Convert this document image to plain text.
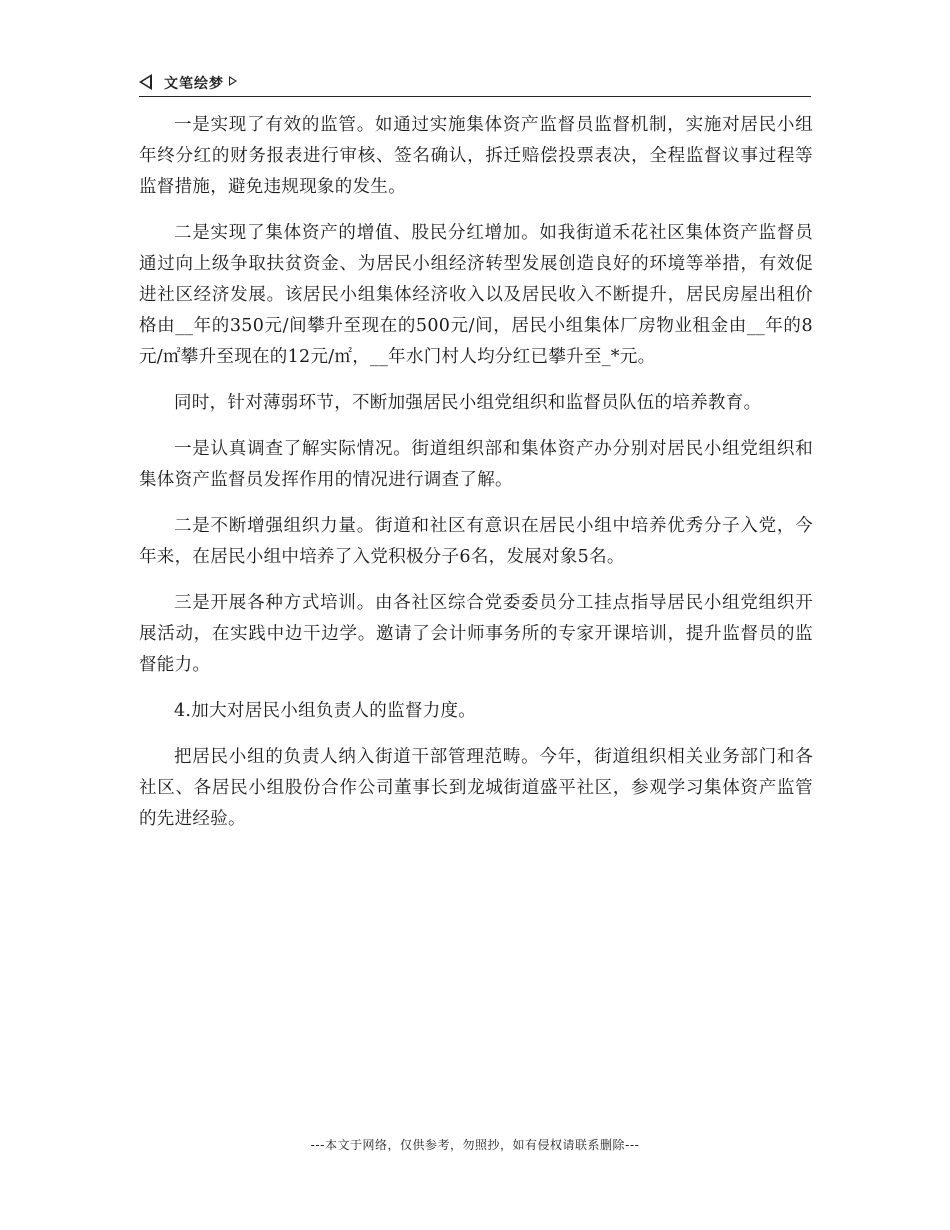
文笔绘梦

一是实现了有效的监管。如通过实施集体资产监督员监督机制，实施对居民小组年终分红的财务报表进行审核、签名确认，拆迁赔偿投票表决，全程监督议事过程等监督措施，避免违规现象的发生。

二是实现了集体资产的增值、股民分红增加。如我街道禾花社区集体资产监督员通过向上级争取扶贫资金、为居民小组经济转型发展创造良好的环境等举措，有效促进社区经济发展。该居民小组集体经济收入以及居民收入不断提升，居民房屋出租价格由__年的350元/间攀升至现在的500元/间，居民小组集体厂房物业租金由__年的8元/㎡攀升至现在的12元/㎡，__年水门村人均分红已攀升至_*元。

同时，针对薄弱环节，不断加强居民小组党组织和监督员队伍的培养教育。

一是认真调查了解实际情况。街道组织部和集体资产办分别对居民小组党组织和集体资产监督员发挥作用的情况进行调查了解。

二是不断增强组织力量。街道和社区有意识在居民小组中培养优秀分子入党，今年来，在居民小组中培养了入党积极分子6名，发展对象5名。

三是开展各种方式培训。由各社区综合党委委员分工挂点指导居民小组党组织开展活动，在实践中边干边学。邀请了会计师事务所的专家开课培训，提升监督员的监督能力。

4.加大对居民小组负责人的监督力度。

把居民小组的负责人纳入街道干部管理范畴。今年，街道组织相关业务部门和各社区、各居民小组股份合作公司董事长到龙城街道盛平社区，参观学习集体资产监管的先进经验。

---本文于网络，仅供参考，勿照抄，如有侵权请联系删除---
